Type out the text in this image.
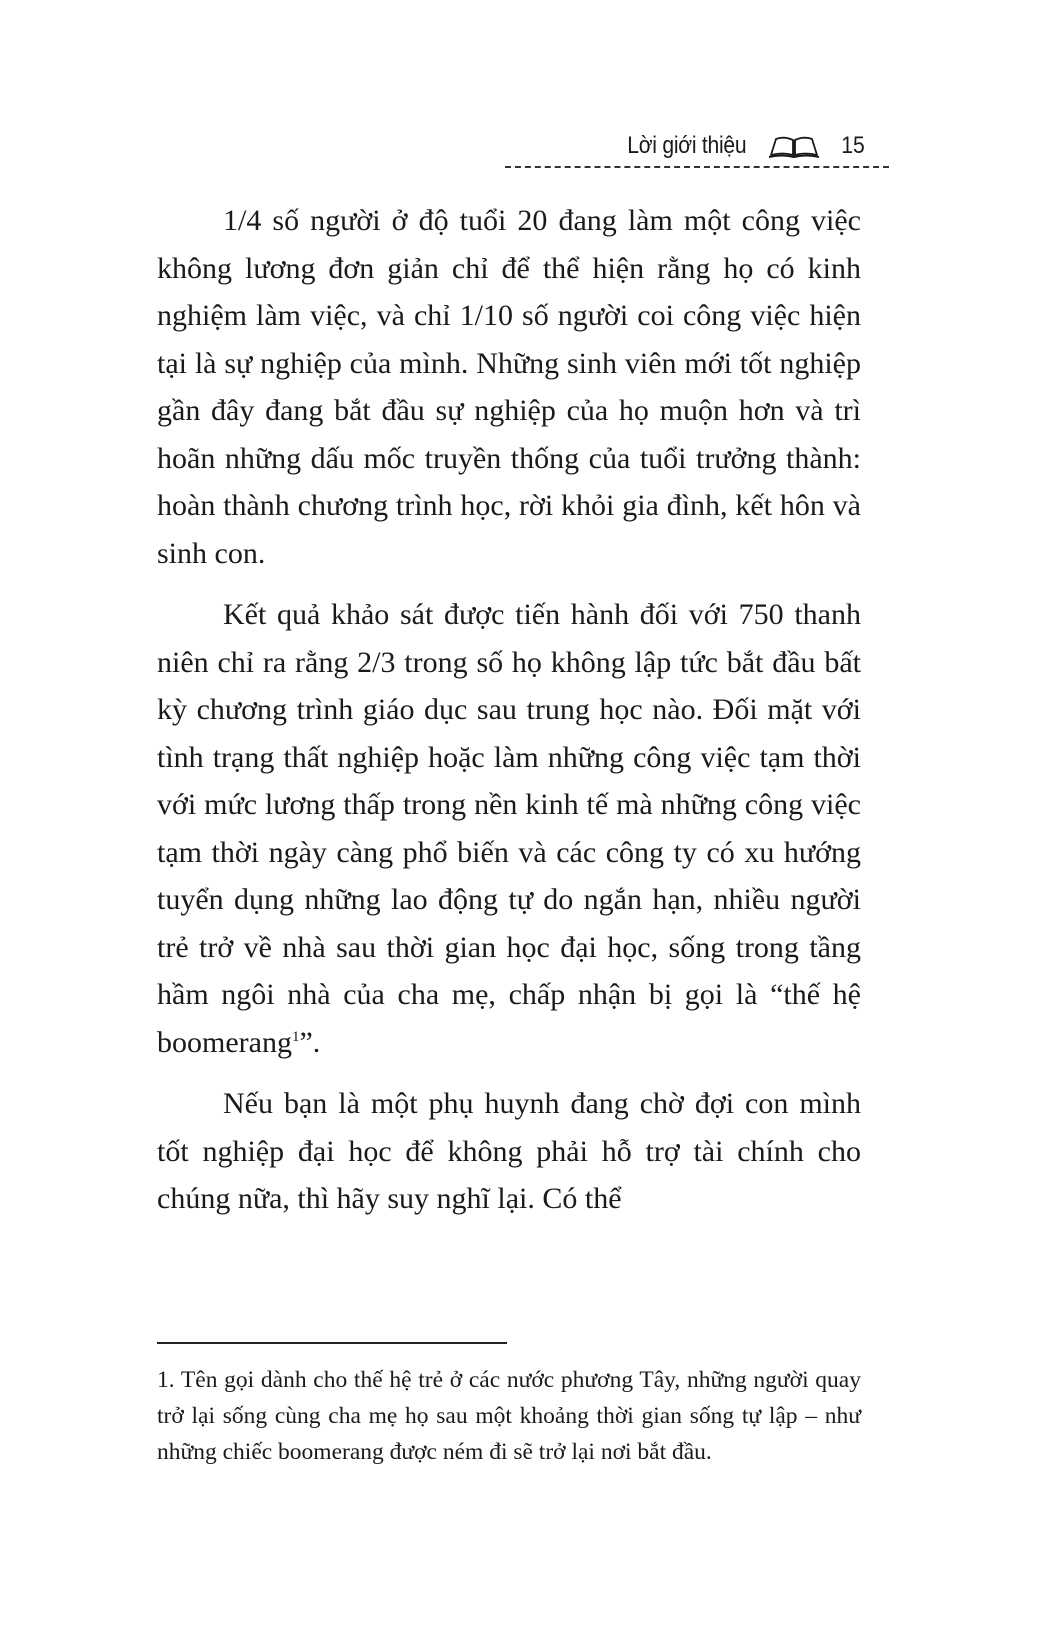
Lời giới thiệu	15

1/4 số người ở độ tuổi 20 đang làm một công việc không lương đơn giản chỉ để thể hiện rằng họ có kinh nghiệm làm việc, và chỉ 1/10 số người coi công việc hiện tại là sự nghiệp của mình. Những sinh viên mới tốt nghiệp gần đây đang bắt đầu sự nghiệp của họ muộn hơn và trì hoãn những dấu mốc truyền thống của tuổi trưởng thành: hoàn thành chương trình học, rời khỏi gia đình, kết hôn và sinh con.

Kết quả khảo sát được tiến hành đối với 750 thanh niên chỉ ra rằng 2/3 trong số họ không lập tức bắt đầu bất kỳ chương trình giáo dục sau trung học nào. Đối mặt với tình trạng thất nghiệp hoặc làm những công việc tạm thời với mức lương thấp trong nền kinh tế mà những công việc tạm thời ngày càng phổ biến và các công ty có xu hướng tuyển dụng những lao động tự do ngắn hạn, nhiều người trẻ trở về nhà sau thời gian học đại học, sống trong tầng hầm ngôi nhà của cha mẹ, chấp nhận bị gọi là “thế hệ boomerang$^1$”.

Nếu bạn là một phụ huynh đang chờ đợi con mình tốt nghiệp đại học để không phải hỗ trợ tài chính cho chúng nữa, thì hãy suy nghĩ lại. Có thể

1. Tên gọi dành cho thế hệ trẻ ở các nước phương Tây, những người quay trở lại sống cùng cha mẹ họ sau một khoảng thời gian sống tự lập – như những chiếc boomerang được ném đi sẽ trở lại nơi bắt đầu.
